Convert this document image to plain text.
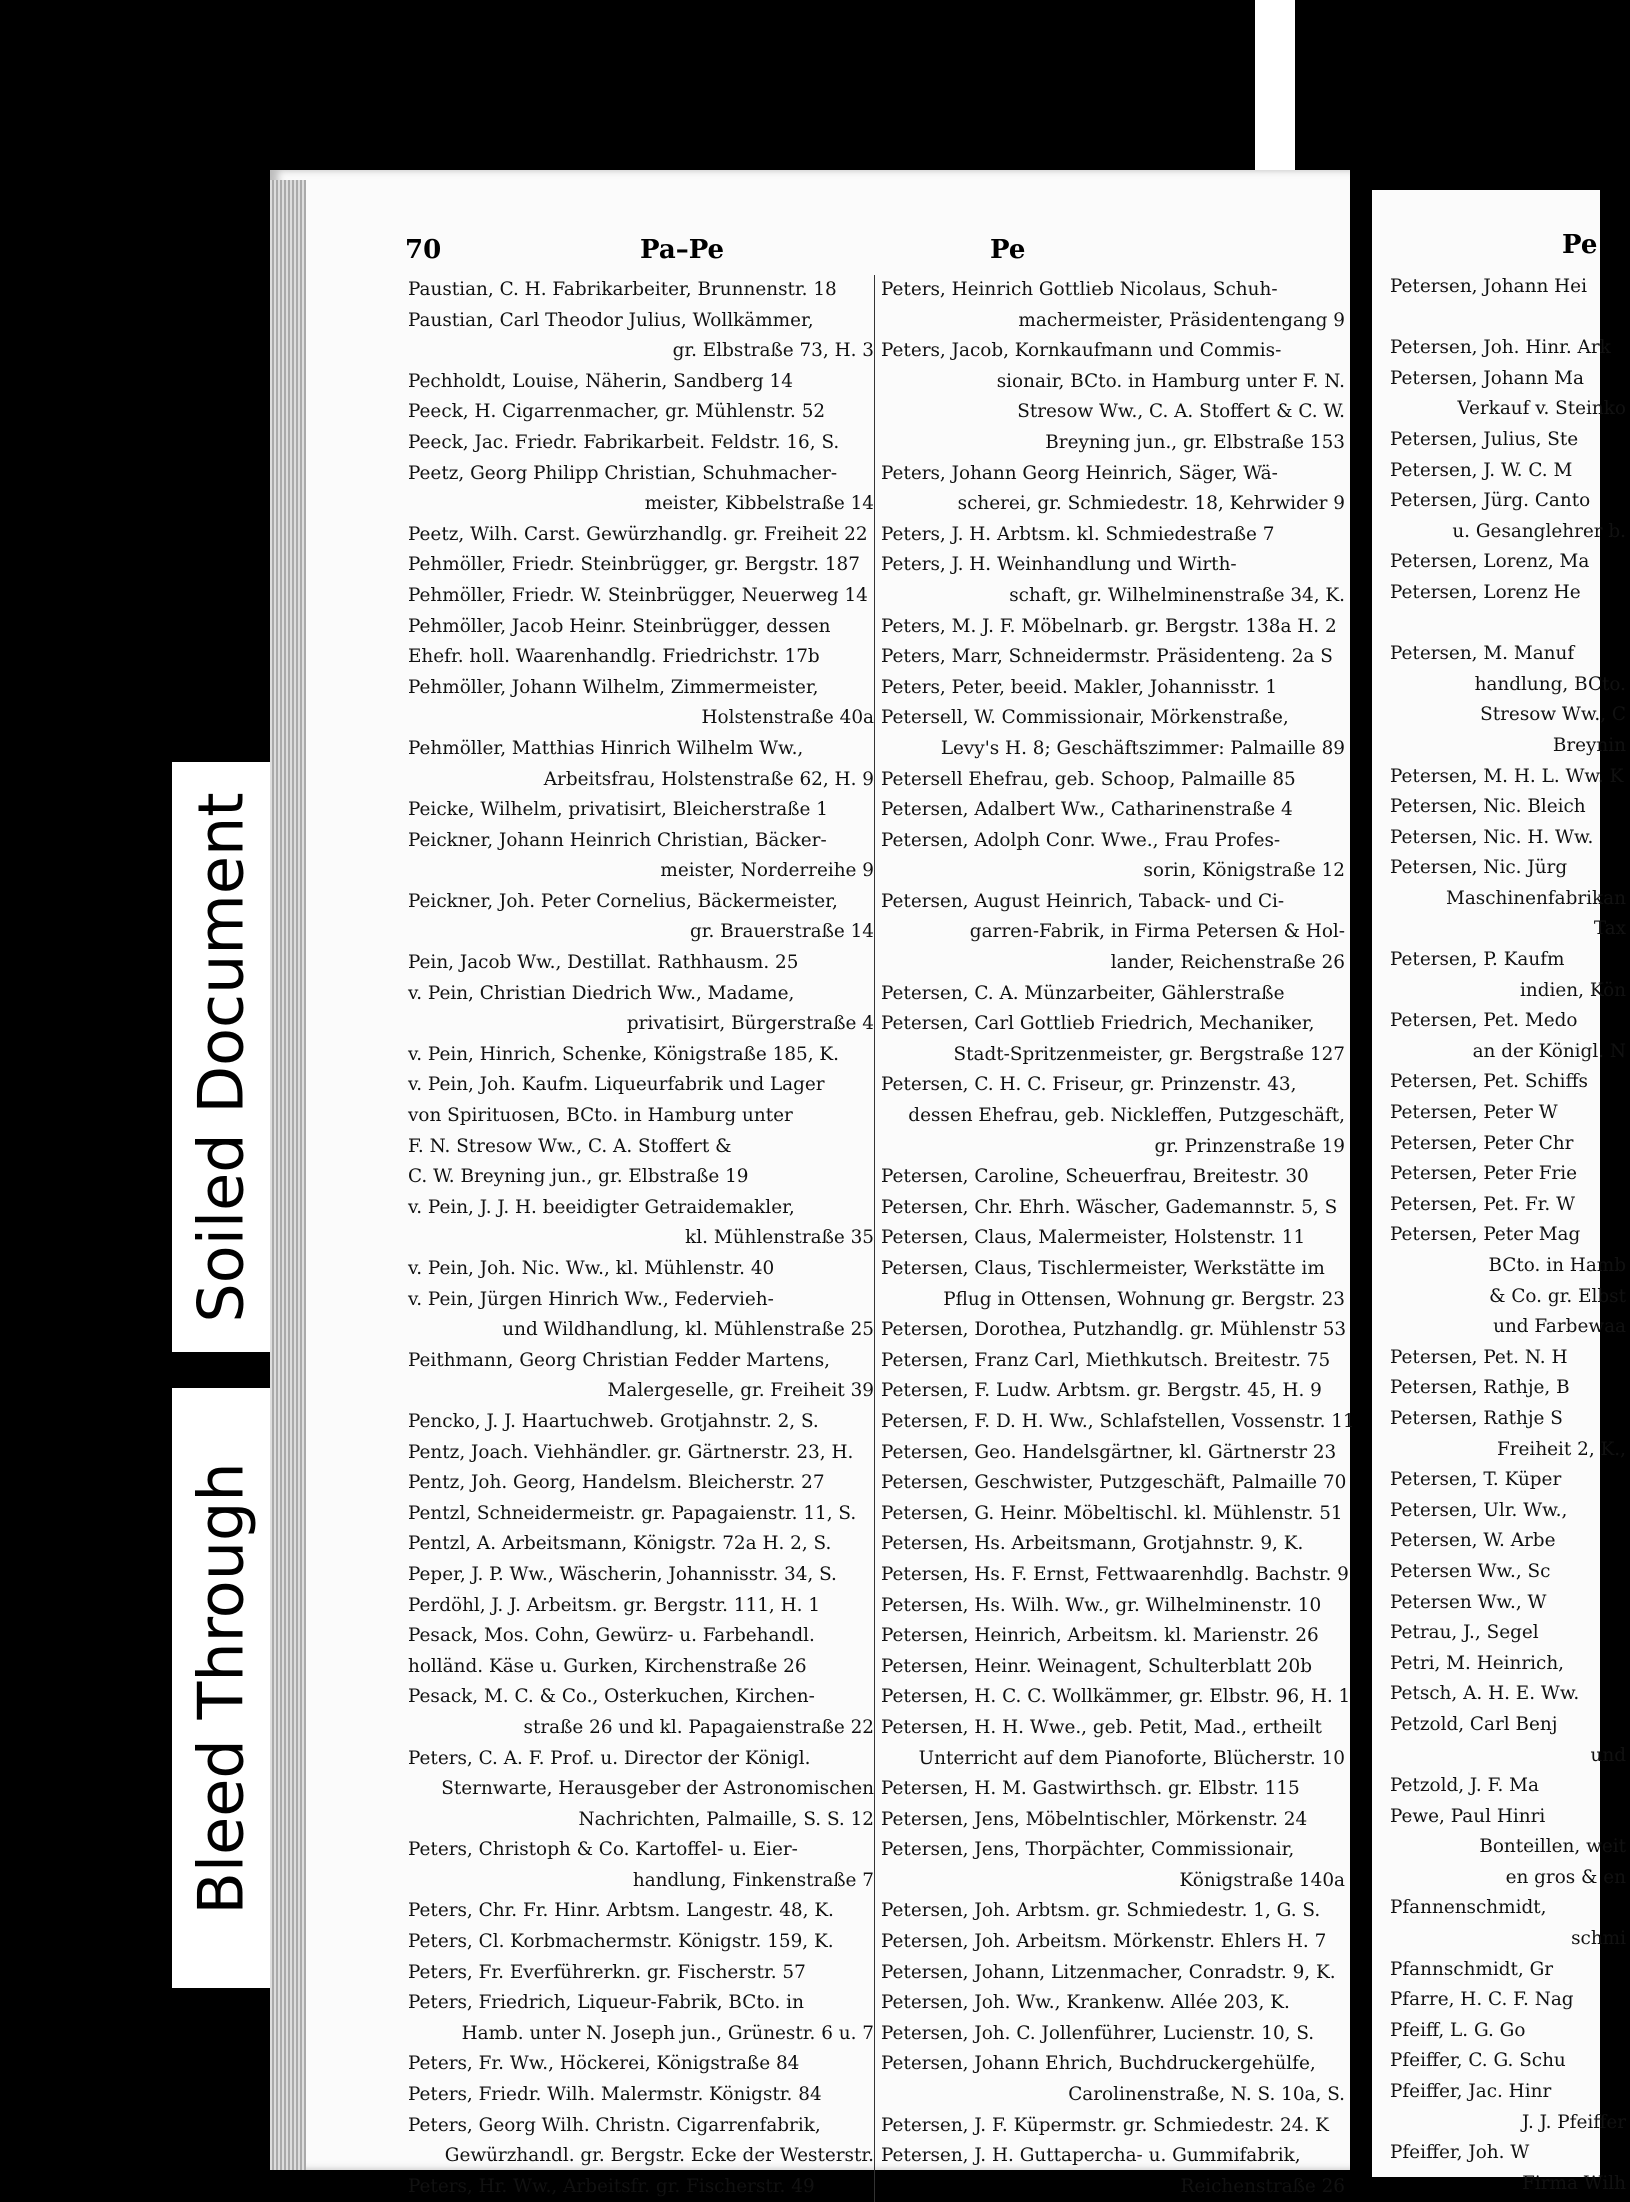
Soiled Document
Bleed Through
70	Pa–Pe	Pe
Paustian, C. H. Fabrikarbeiter, Brunnenstr. 18
Paustian, Carl Theodor Julius, Wollkämmer,
gr. Elbstraße 73, H. 3
Pechholdt, Louise, Näherin, Sandberg 14
Peeck, H. Cigarrenmacher, gr. Mühlenstr. 52
Peeck, Jac. Friedr. Fabrikarbeit. Feldstr. 16, S.
Peetz, Georg Philipp Christian, Schuhmacher-
meister, Kibbelstraße 14
Peetz, Wilh. Carst. Gewürzhandlg. gr. Freiheit 22
Pehmöller, Friedr. Steinbrügger, gr. Bergstr. 187
Pehmöller, Friedr. W. Steinbrügger, Neuerweg 14
Pehmöller, Jacob Heinr. Steinbrügger, dessen
Ehefr. holl. Waarenhandlg. Friedrichstr. 17b
Pehmöller, Johann Wilhelm, Zimmermeister,
Holstenstraße 40a
Pehmöller, Matthias Hinrich Wilhelm Ww.,
Arbeitsfrau, Holstenstraße 62, H. 9
Peicke, Wilhelm, privatisirt, Bleicherstraße 1
Peickner, Johann Heinrich Christian, Bäcker-
meister, Norderreihe 9
Peickner, Joh. Peter Cornelius, Bäckermeister,
gr. Brauerstraße 14
Pein, Jacob Ww., Destillat. Rathhausm. 25
v. Pein, Christian Diedrich Ww., Madame,
privatisirt, Bürgerstraße 4
v. Pein, Hinrich, Schenke, Königstraße 185, K.
v. Pein, Joh. Kaufm. Liqueurfabrik und Lager
von Spirituosen, BCto. in Hamburg unter
F. N. Stresow Ww., C. A. Stoffert &
C. W. Breyning jun., gr. Elbstraße 19
v. Pein, J. J. H. beeidigter Getraidemakler,
kl. Mühlenstraße 35
v. Pein, Joh. Nic. Ww., kl. Mühlenstr. 40
v. Pein, Jürgen Hinrich Ww., Federvieh-
und Wildhandlung, kl. Mühlenstraße 25
Peithmann, Georg Christian Fedder Martens,
Malergeselle, gr. Freiheit 39
Pencko, J. J. Haartuchweb. Grotjahnstr. 2, S.
Pentz, Joach. Viehhändler. gr. Gärtnerstr. 23, H.
Pentz, Joh. Georg, Handelsm. Bleicherstr. 27
Pentzl, Schneidermeistr. gr. Papagaienstr. 11, S.
Pentzl, A. Arbeitsmann, Königstr. 72a H. 2, S.
Peper, J. P. Ww., Wäscherin, Johannisstr. 34, S.
Perdöhl, J. J. Arbeitsm. gr. Bergstr. 111, H. 1
Pesack, Mos. Cohn, Gewürz- u. Farbehandl.
holländ. Käse u. Gurken, Kirchenstraße 26
Pesack, M. C. & Co., Osterkuchen, Kirchen-
straße 26 und kl. Papagaienstraße 22
Peters, C. A. F. Prof. u. Director der Königl.
Sternwarte, Herausgeber der Astronomischen
Nachrichten, Palmaille, S. S. 12
Peters, Christoph & Co. Kartoffel- u. Eier-
handlung, Finkenstraße 7
Peters, Chr. Fr. Hinr. Arbtsm. Langestr. 48, K.
Peters, Cl. Korbmachermstr. Königstr. 159, K.
Peters, Fr. Everführerkn. gr. Fischerstr. 57
Peters, Friedrich, Liqueur-Fabrik, BCto. in
Hamb. unter N. Joseph jun., Grünestr. 6 u. 7
Peters, Fr. Ww., Höckerei, Königstraße 84
Peters, Friedr. Wilh. Malermstr. Königstr. 84
Peters, Georg Wilh. Christn. Cigarrenfabrik,
Gewürzhandl. gr. Bergstr. Ecke der Westerstr.
Peters, Hr. Ww., Arbeitsfr. gr. Fischerstr. 49
Peters, Heinrich Gottlieb Nicolaus, Schuh-
machermeister, Präsidentengang 9
Peters, Jacob, Kornkaufmann und Commis-
sionair, BCto. in Hamburg unter F. N.
Stresow Ww., C. A. Stoffert & C. W.
Breyning jun., gr. Elbstraße 153
Peters, Johann Georg Heinrich, Säger, Wä-
scherei, gr. Schmiedestr. 18, Kehrwider 9
Peters, J. H. Arbtsm. kl. Schmiedestraße 7
Peters, J. H. Weinhandlung und Wirth-
schaft, gr. Wilhelminenstraße 34, K.
Peters, M. J. F. Möbelnarb. gr. Bergstr. 138a H. 2
Peters, Marr, Schneidermstr. Präsidenteng. 2a S
Peters, Peter, beeid. Makler, Johannisstr. 1
Petersell, W. Commissionair, Mörkenstraße,
Levy's H. 8; Geschäftszimmer: Palmaille 89
Petersell Ehefrau, geb. Schoop, Palmaille 85
Petersen, Adalbert Ww., Catharinenstraße 4
Petersen, Adolph Conr. Wwe., Frau Profes-
sorin, Königstraße 12
Petersen, August Heinrich, Taback- und Ci-
garren-Fabrik, in Firma Petersen & Hol-
lander, Reichenstraße 26
Petersen, C. A. Münzarbeiter, Gählerstraße
Petersen, Carl Gottlieb Friedrich, Mechaniker,
Stadt-Spritzenmeister, gr. Bergstraße 127
Petersen, C. H. C. Friseur, gr. Prinzenstr. 43,
dessen Ehefrau, geb. Nickleffen, Putzgeschäft,
gr. Prinzenstraße 19
Petersen, Caroline, Scheuerfrau, Breitestr. 30
Petersen, Chr. Ehrh. Wäscher, Gademannstr. 5, S
Petersen, Claus, Malermeister, Holstenstr. 11
Petersen, Claus, Tischlermeister, Werkstätte im
Pflug in Ottensen, Wohnung gr. Bergstr. 23
Petersen, Dorothea, Putzhandlg. gr. Mühlenstr 53
Petersen, Franz Carl, Miethkutsch. Breitestr. 75
Petersen, F. Ludw. Arbtsm. gr. Bergstr. 45, H. 9
Petersen, F. D. H. Ww., Schlafstellen, Vossenstr. 11
Petersen, Geo. Handelsgärtner, kl. Gärtnerstr 23
Petersen, Geschwister, Putzgeschäft, Palmaille 70
Petersen, G. Heinr. Möbeltischl. kl. Mühlenstr. 51
Petersen, Hs. Arbeitsmann, Grotjahnstr. 9, K.
Petersen, Hs. F. Ernst, Fettwaarenhdlg. Bachstr. 9
Petersen, Hs. Wilh. Ww., gr. Wilhelminenstr. 10
Petersen, Heinrich, Arbeitsm. kl. Marienstr. 26
Petersen, Heinr. Weinagent, Schulterblatt 20b
Petersen, H. C. C. Wollkämmer, gr. Elbstr. 96, H. 1
Petersen, H. H. Wwe., geb. Petit, Mad., ertheilt
Unterricht auf dem Pianoforte, Blücherstr. 10
Petersen, H. M. Gastwirthsch. gr. Elbstr. 115
Petersen, Jens, Möbelntischler, Mörkenstr. 24
Petersen, Jens, Thorpächter, Commissionair,
Königstraße 140a
Petersen, Joh. Arbtsm. gr. Schmiedestr. 1, G. S.
Petersen, Joh. Arbeitsm. Mörkenstr. Ehlers H. 7
Petersen, Johann, Litzenmacher, Conradstr. 9, K.
Petersen, Joh. Ww., Krankenw. Allée 203, K.
Petersen, Joh. C. Jollenführer, Lucienstr. 10, S.
Petersen, Johann Ehrich, Buchdruckergehülfe,
Carolinenstraße, N. S. 10a, S.
Petersen, J. F. Küpermstr. gr. Schmiedestr. 24. K
Petersen, J. H. Guttapercha- u. Gummifabrik,
Reichenstraße 26
Pe
Petersen, Johann Hei
Petersen, Joh. Hinr. Ark
Petersen, Johann Ma
Verkauf v. Steinko
Petersen, Julius, Ste
Petersen, J. W. C. M
Petersen, Jürg. Canto
u. Gesanglehrer b.
Petersen, Lorenz, Ma
Petersen, Lorenz He
Petersen, M. Manuf
handlung, BCto.
Stresow Ww., C
Breynin
Petersen, M. H. L. Ww. K
Petersen, Nic. Bleich
Petersen, Nic. H. Ww.
Petersen, Nic. Jürg
Maschinenfabrikan
Tax
Petersen, P. Kaufm
indien, Kön
Petersen, Pet. Medo
an der Königl. N
Petersen, Pet. Schiffs
Petersen, Peter W
Petersen, Peter Chr
Petersen, Peter Frie
Petersen, Pet. Fr. W
Petersen, Peter Mag
BCto. in Hamb
& Co. gr. Elbst
und Farbewaa
Petersen, Pet. N. H
Petersen, Rathje, B
Petersen, Rathje S
Freiheit 2, K.,
Petersen, T. Küper
Petersen, Ulr. Ww.,
Petersen, W. Arbe
Petersen Ww., Sc
Petersen Ww., W
Petrau, J., Segel
Petri, M. Heinrich,
Petsch, A. H. E. Ww.
Petzold, Carl Benj
und
Petzold, J. F. Ma
Pewe, Paul Hinri
Bonteillen, weit
en gros & en
Pfannenschmidt,
schmi
Pfannschmidt, Gr
Pfarre, H. C. F. Nag
Pfeiff, L. G. Go
Pfeiffer, C. G. Schu
Pfeiffer, Jac. Hinr
J. J. Pfeiffer
Pfeiffer, Joh. W
Firma Wilh
